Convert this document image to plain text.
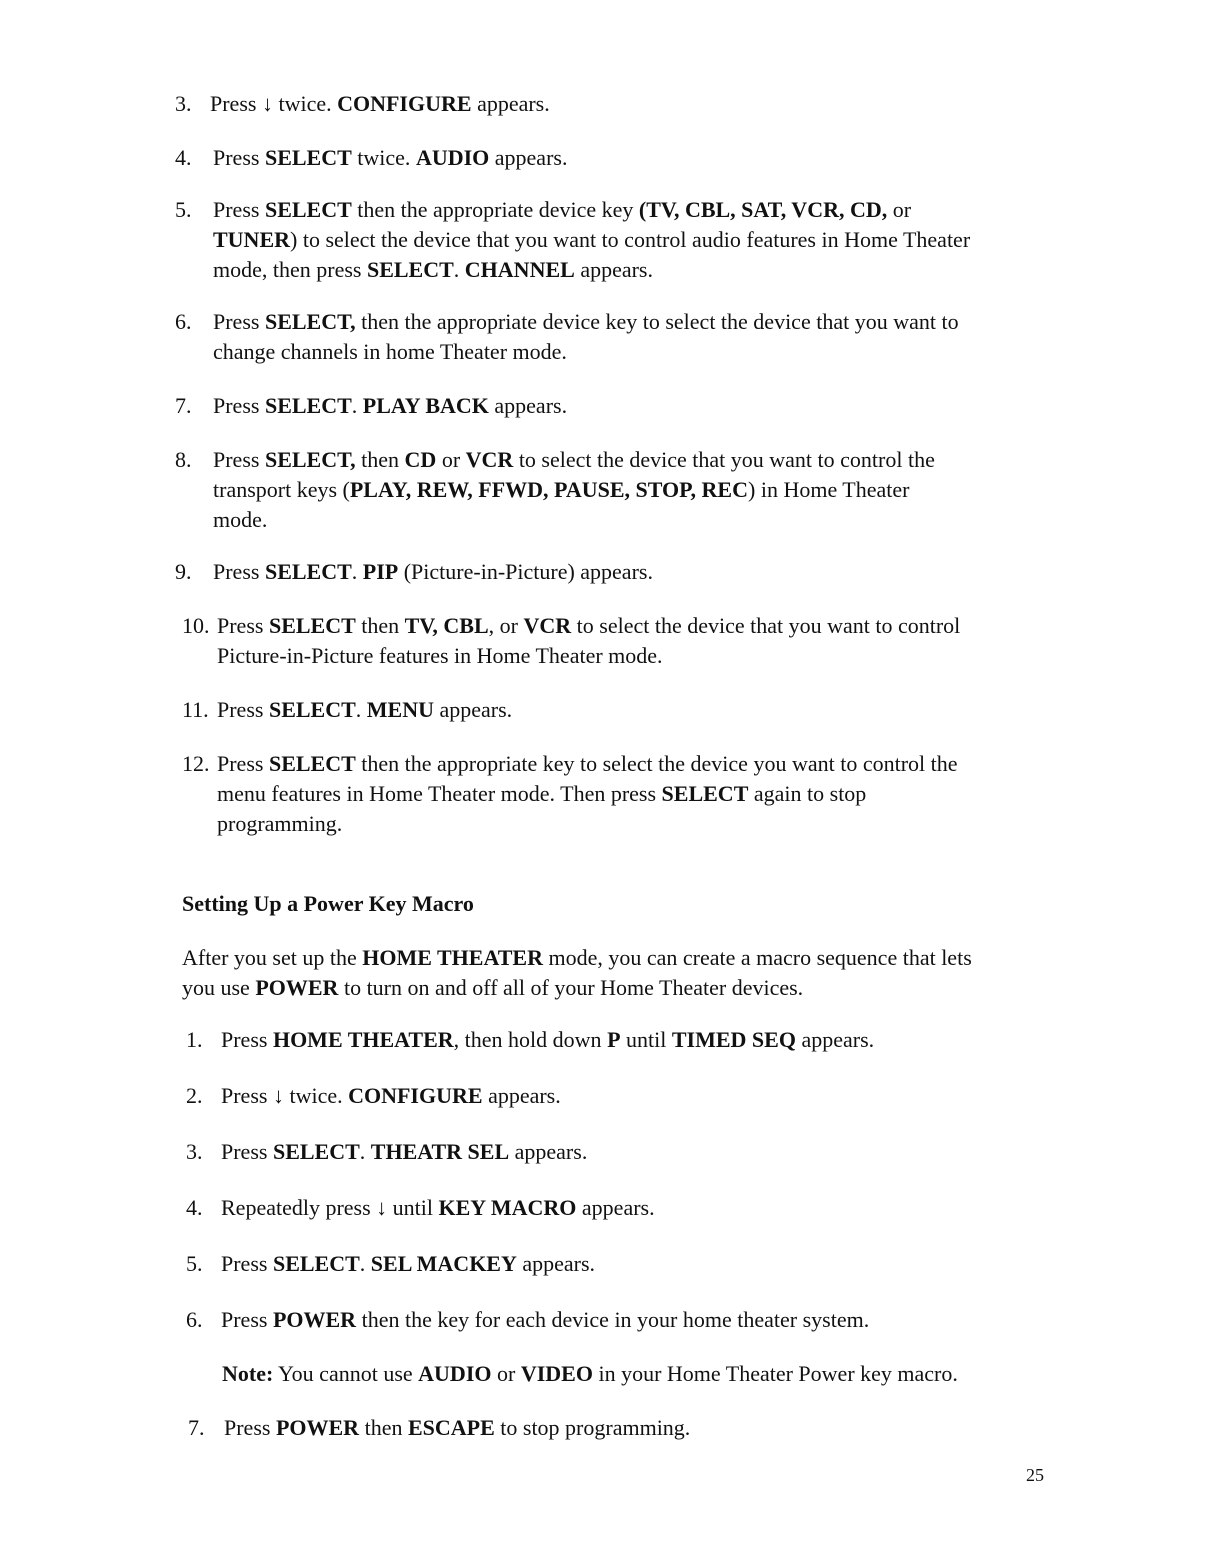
3. Press ↓ twice. CONFIGURE appears.
4. Press SELECT twice. AUDIO appears.
5. Press SELECT then the appropriate device key (TV, CBL, SAT, VCR, CD, or
TUNER) to select the device that you want to control audio features in Home Theater
mode, then press SELECT. CHANNEL appears.
6. Press SELECT, then the appropriate device key to select the device that you want to
change channels in home Theater mode.
7. Press SELECT. PLAY BACK appears.
8. Press SELECT, then CD or VCR to select the device that you want to control the
transport keys (PLAY, REW, FFWD, PAUSE, STOP, REC) in Home Theater
mode.
9. Press SELECT. PIP (Picture-in-Picture) appears.
10. Press SELECT then TV, CBL, or VCR to select the device that you want to control
Picture-in-Picture features in Home Theater mode.
11. Press SELECT. MENU appears.
12. Press SELECT then the appropriate key to select the device you want to control the
menu features in Home Theater mode. Then press SELECT again to stop
programming.
Setting Up a Power Key Macro
After you set up the HOME THEATER mode, you can create a macro sequence that lets
you use POWER to turn on and off all of your Home Theater devices.
1. Press HOME THEATER, then hold down P until TIMED SEQ appears.
2. Press ↓ twice. CONFIGURE appears.
3. Press SELECT. THEATR SEL appears.
4. Repeatedly press ↓ until KEY MACRO appears.
5. Press SELECT. SEL MACKEY appears.
6. Press POWER then the key for each device in your home theater system.
Note: You cannot use AUDIO or VIDEO in your Home Theater Power key macro.
7. Press POWER then ESCAPE to stop programming.
25
